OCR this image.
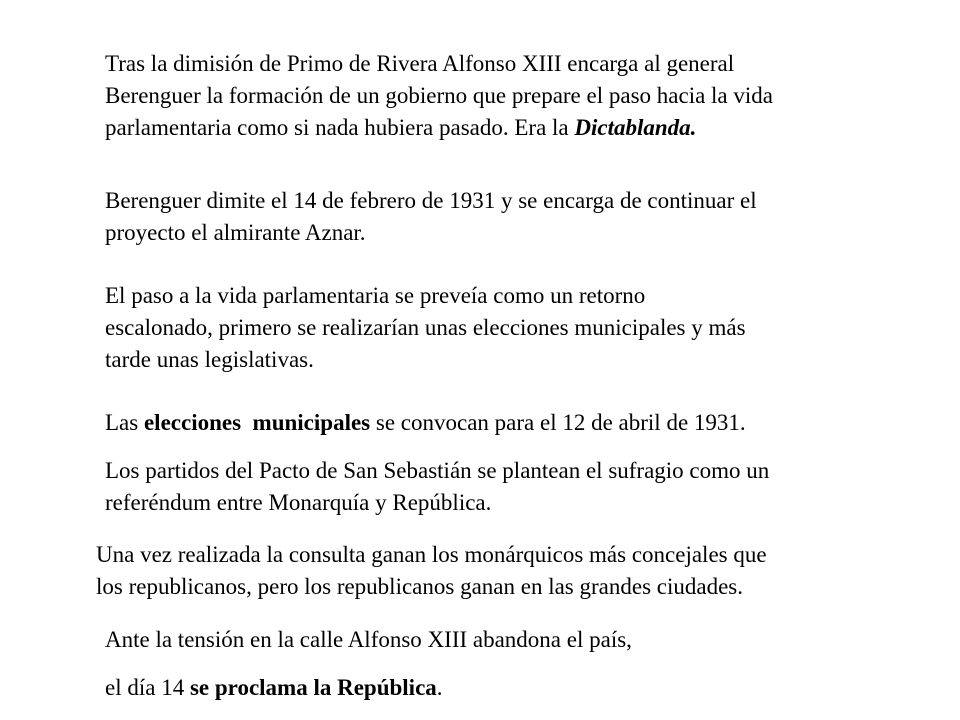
Tras la dimisión de Primo de Rivera Alfonso XIII encarga al general
Berenguer la formación de un gobierno que prepare el paso hacia la vida
parlamentaria como si nada hubiera pasado. Era la Dictablanda.
Berenguer dimite el 14 de febrero de 1931 y se encarga de continuar el
proyecto el almirante Aznar.
El paso a la vida parlamentaria se preveía como un retorno
escalonado, primero se realizarían unas elecciones municipales y más
tarde unas legislativas.
Las elecciones municipales se convocan para el 12 de abril de 1931.
Los partidos del Pacto de San Sebastián se plantean el sufragio como un
referéndum entre Monarquía y República.
Una vez realizada la consulta ganan los monárquicos más concejales que
los republicanos, pero los republicanos ganan en las grandes ciudades.
Ante la tensión en la calle Alfonso XIII abandona el país,
el día 14 se proclama la República.
